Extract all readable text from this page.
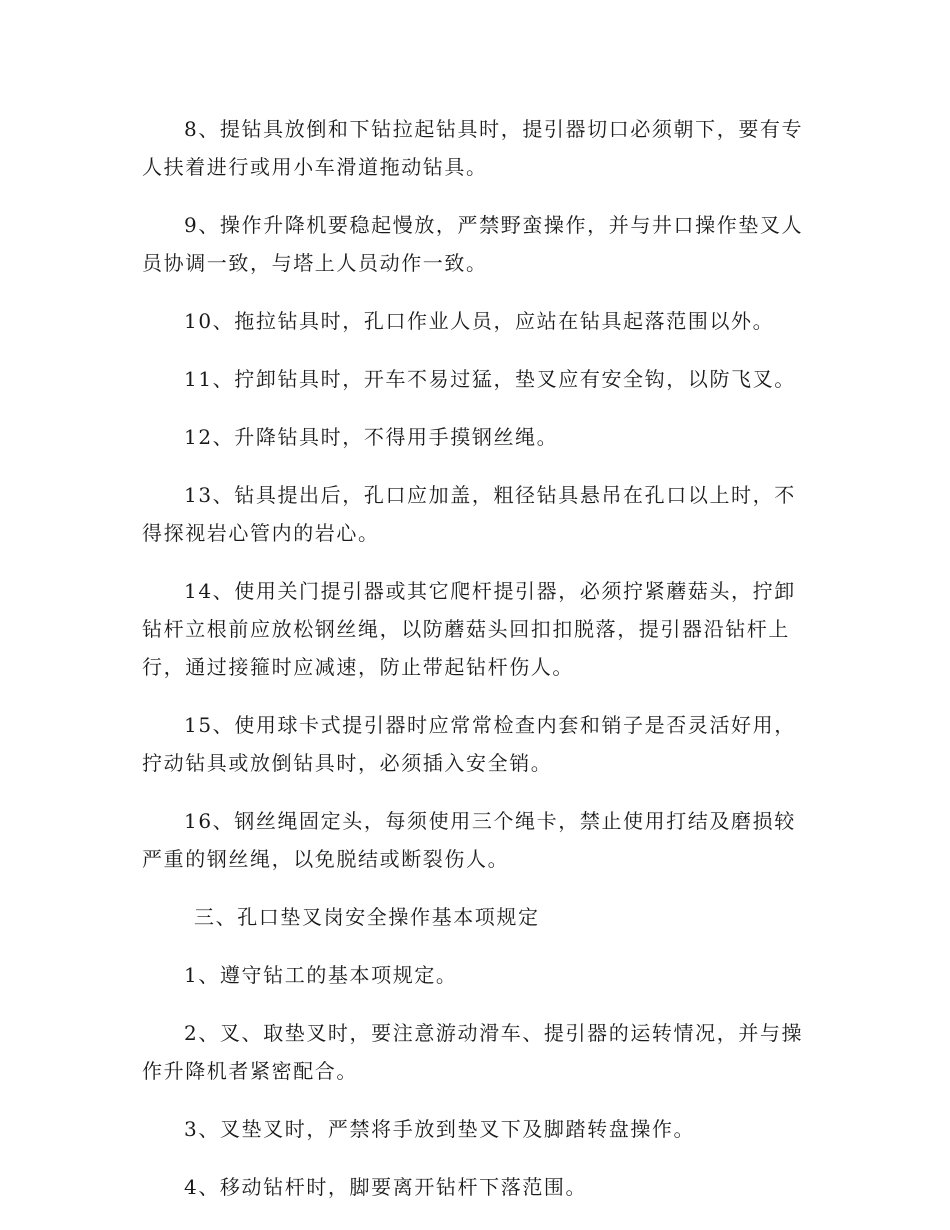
8、提钻具放倒和下钻拉起钻具时，提引器切口必须朝下，要有专人扶着进行或用小车滑道拖动钻具。

9、操作升降机要稳起慢放，严禁野蛮操作，并与井口操作垫叉人员协调一致，与塔上人员动作一致。

10、拖拉钻具时，孔口作业人员，应站在钻具起落范围以外。

11、拧卸钻具时，开车不易过猛，垫叉应有安全钩，以防飞叉。

12、升降钻具时，不得用手摸钢丝绳。

13、钻具提出后，孔口应加盖，粗径钻具悬吊在孔口以上时，不得探视岩心管内的岩心。

14、使用关门提引器或其它爬杆提引器，必须拧紧蘑菇头，拧卸钻杆立根前应放松钢丝绳，以防蘑菇头回扣扣脱落，提引器沿钻杆上行，通过接箍时应减速，防止带起钻杆伤人。

15、使用球卡式提引器时应常常检查内套和销子是否灵活好用，拧动钻具或放倒钻具时，必须插入安全销。

16、钢丝绳固定头，每须使用三个绳卡，禁止使用打结及磨损较严重的钢丝绳，以免脱结或断裂伤人。

三、孔口垫叉岗安全操作基本项规定

1、遵守钻工的基本项规定。

2、叉、取垫叉时，要注意游动滑车、提引器的运转情况，并与操作升降机者紧密配合。

3、叉垫叉时，严禁将手放到垫叉下及脚踏转盘操作。

4、移动钻杆时，脚要离开钻杆下落范围。
